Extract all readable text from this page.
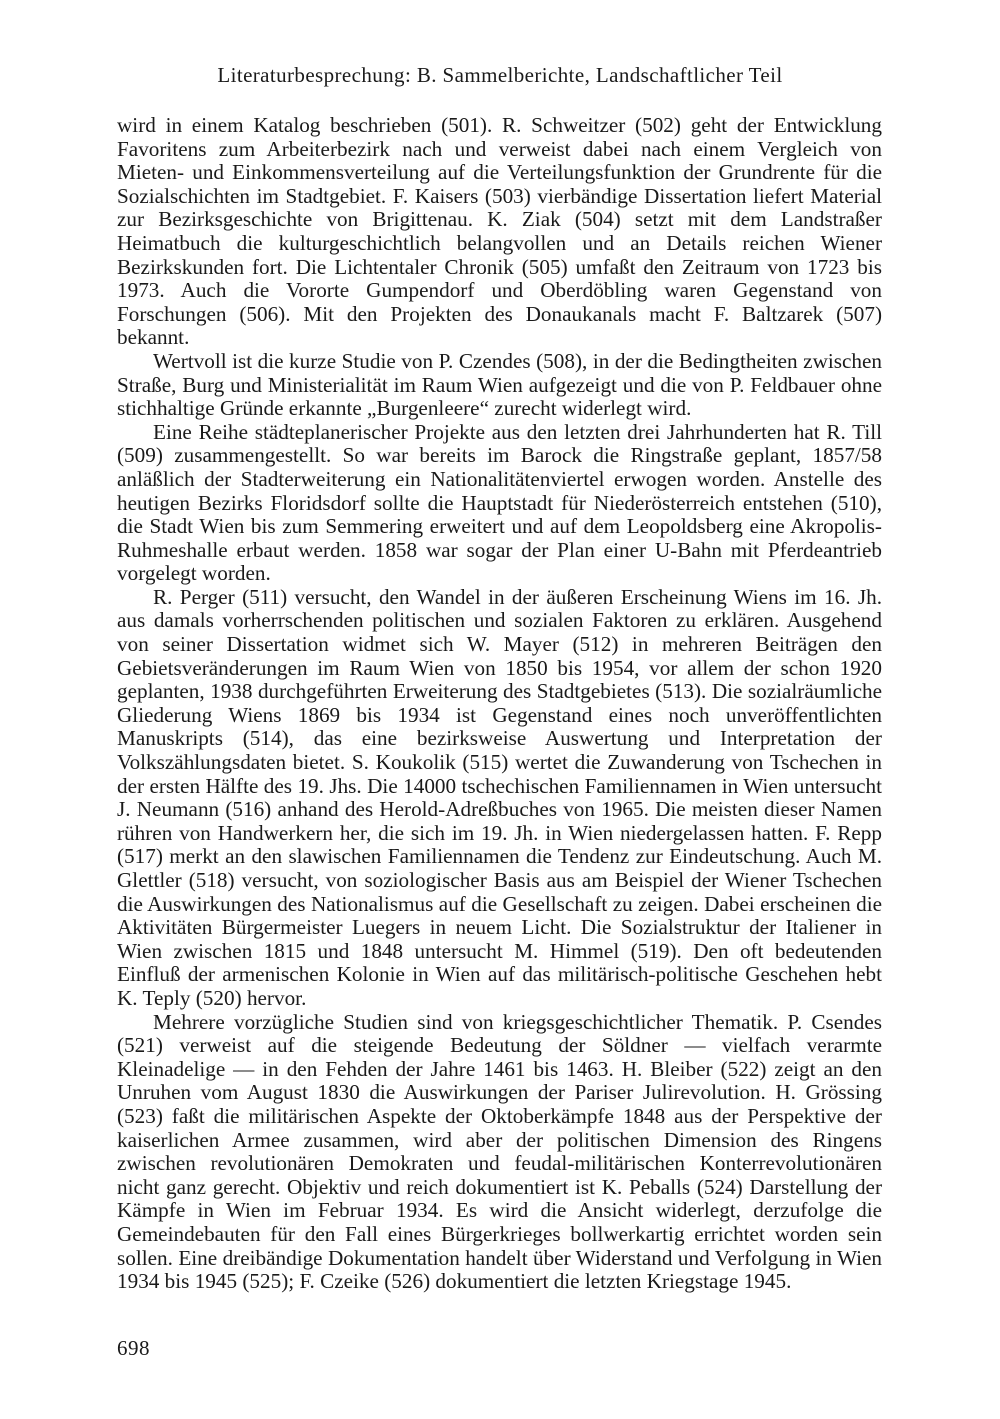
Literaturbesprechung: B. Sammelberichte, Landschaftlicher Teil

wird in einem Katalog beschrieben (501). R. Schweitzer (502) geht der Entwicklung Favoritens zum Arbeiterbezirk nach und verweist dabei nach einem Vergleich von Mieten- und Einkommensverteilung auf die Verteilungsfunktion der Grundrente für die Sozialschichten im Stadtgebiet. F. Kaisers (503) vierbändige Dissertation liefert Material zur Bezirksgeschichte von Brigittenau. K. Ziak (504) setzt mit dem Landstraßer Heimatbuch die kulturgeschichtlich belangvollen und an Details reichen Wiener Bezirkskunden fort. Die Lichtentaler Chronik (505) umfaßt den Zeitraum von 1723 bis 1973. Auch die Vororte Gumpendorf und Oberdöbling waren Gegenstand von Forschungen (506). Mit den Projekten des Donaukanals macht F. Baltzarek (507) bekannt.

Wertvoll ist die kurze Studie von P. Czendes (508), in der die Bedingtheiten zwischen Straße, Burg und Ministerialität im Raum Wien aufgezeigt und die von P. Feldbauer ohne stichhaltige Gründe erkannte „Burgenleere“ zurecht widerlegt wird.

Eine Reihe städteplanerischer Projekte aus den letzten drei Jahrhunderten hat R. Till (509) zusammengestellt. So war bereits im Barock die Ringstraße geplant, 1857/58 anläßlich der Stadterweiterung ein Nationalitätenviertel erwogen worden. Anstelle des heutigen Bezirks Floridsdorf sollte die Hauptstadt für Niederösterreich entstehen (510), die Stadt Wien bis zum Semmering erweitert und auf dem Leopoldsberg eine Akropolis-Ruhmeshalle erbaut werden. 1858 war sogar der Plan einer U-Bahn mit Pferdeantrieb vorgelegt worden.

R. Perger (511) versucht, den Wandel in der äußeren Erscheinung Wiens im 16. Jh. aus damals vorherrschenden politischen und sozialen Faktoren zu erklären. Ausgehend von seiner Dissertation widmet sich W. Mayer (512) in mehreren Beiträgen den Gebietsveränderungen im Raum Wien von 1850 bis 1954, vor allem der schon 1920 geplanten, 1938 durchgeführten Erweiterung des Stadtgebietes (513). Die sozialräumliche Gliederung Wiens 1869 bis 1934 ist Gegenstand eines noch unveröffentlichten Manuskripts (514), das eine bezirksweise Auswertung und Interpretation der Volkszählungsdaten bietet. S. Koukolik (515) wertet die Zuwanderung von Tschechen in der ersten Hälfte des 19. Jhs. Die 14000 tschechischen Familiennamen in Wien untersucht J. Neumann (516) anhand des Herold-Adreßbuches von 1965. Die meisten dieser Namen rühren von Handwerkern her, die sich im 19. Jh. in Wien niedergelassen hatten. F. Repp (517) merkt an den slawischen Familiennamen die Tendenz zur Eindeutschung. Auch M. Glettler (518) versucht, von soziologischer Basis aus am Beispiel der Wiener Tschechen die Auswirkungen des Nationalismus auf die Gesellschaft zu zeigen. Dabei erscheinen die Aktivitäten Bürgermeister Luegers in neuem Licht. Die Sozialstruktur der Italiener in Wien zwischen 1815 und 1848 untersucht M. Himmel (519). Den oft bedeutenden Einfluß der armenischen Kolonie in Wien auf das militärisch-politische Geschehen hebt K. Teply (520) hervor.

Mehrere vorzügliche Studien sind von kriegsgeschichtlicher Thematik. P. Csendes (521) verweist auf die steigende Bedeutung der Söldner — vielfach verarmte Kleinadelige — in den Fehden der Jahre 1461 bis 1463. H. Bleiber (522) zeigt an den Unruhen vom August 1830 die Auswirkungen der Pariser Julirevolution. H. Grössing (523) faßt die militärischen Aspekte der Oktoberkämpfe 1848 aus der Perspektive der kaiserlichen Armee zusammen, wird aber der politischen Dimension des Ringens zwischen revolutionären Demokraten und feudal-militärischen Konterrevolutionären nicht ganz gerecht. Objektiv und reich dokumentiert ist K. Peballs (524) Darstellung der Kämpfe in Wien im Februar 1934. Es wird die Ansicht widerlegt, derzufolge die Gemeindebauten für den Fall eines Bürgerkrieges bollwerkartig errichtet worden sein sollen. Eine dreibändige Dokumentation handelt über Widerstand und Verfolgung in Wien 1934 bis 1945 (525); F. Czeike (526) dokumentiert die letzten Kriegstage 1945.

698
